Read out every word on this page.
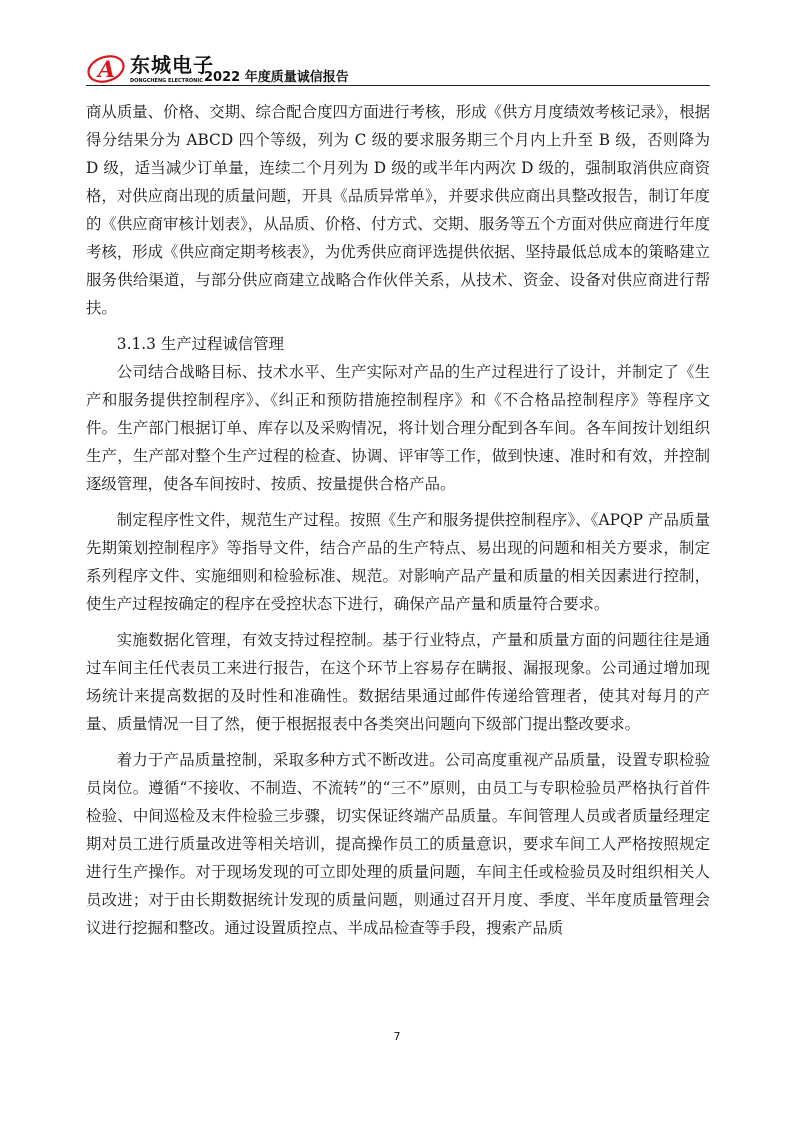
A 东城电子
DONGCHENG ELECTRONIC 2022 年度质量诚信报告

商从质量、价格、交期、综合配合度四方面进行考核，形成《供方月度绩效考核记录》，根据得分结果分为 ABCD 四个等级，列为 C 级的要求服务期三个月内上升至 B 级，否则降为 D 级，适当减少订单量，连续二个月列为 D 级的或半年内两次 D 级的，强制取消供应商资格，对供应商出现的质量问题，开具《品质异常单》，并要求供应商出具整改报告，制订年度的《供应商审核计划表》，从品质、价格、付方式、交期、服务等五个方面对供应商进行年度考核，形成《供应商定期考核表》，为优秀供应商评选提供依据、坚持最低总成本的策略建立服务供给渠道，与部分供应商建立战略合作伙伴关系，从技术、资金、设备对供应商进行帮扶。

3.1.3 生产过程诚信管理

公司结合战略目标、技术水平、生产实际对产品的生产过程进行了设计，并制定了《生产和服务提供控制程序》、《纠正和预防措施控制程序》和《不合格品控制程序》等程序文件。生产部门根据订单、库存以及采购情况，将计划合理分配到各车间。各车间按计划组织生产，生产部对整个生产过程的检查、协调、评审等工作，做到快速、准时和有效，并控制逐级管理，使各车间按时、按质、按量提供合格产品。

制定程序性文件，规范生产过程。按照《生产和服务提供控制程序》、《APQP 产品质量先期策划控制程序》等指导文件，结合产品的生产特点、易出现的问题和相关方要求，制定系列程序文件、实施细则和检验标准、规范。对影响产品产量和质量的相关因素进行控制，使生产过程按确定的程序在受控状态下进行，确保产品产量和质量符合要求。

实施数据化管理，有效支持过程控制。基于行业特点，产量和质量方面的问题往往是通过车间主任代表员工来进行报告，在这个环节上容易存在瞒报、漏报现象。公司通过增加现场统计来提高数据的及时性和准确性。数据结果通过邮件传递给管理者，使其对每月的产量、质量情况一目了然，便于根据报表中各类突出问题向下级部门提出整改要求。

着力于产品质量控制，采取多种方式不断改进。公司高度重视产品质量，设置专职检验员岗位。遵循“不接收、不制造、不流转”的“三不”原则，由员工与专职检验员严格执行首件检验、中间巡检及末件检验三步骤，切实保证终端产品质量。车间管理人员或者质量经理定期对员工进行质量改进等相关培训，提高操作员工的质量意识，要求车间工人严格按照规定进行生产操作。对于现场发现的可立即处理的质量问题，车间主任或检验员及时组织相关人员改进；对于由长期数据统计发现的质量问题，则通过召开月度、季度、半年度质量管理会议进行挖掘和整改。通过设置质控点、半成品检查等手段，搜索产品质

7
